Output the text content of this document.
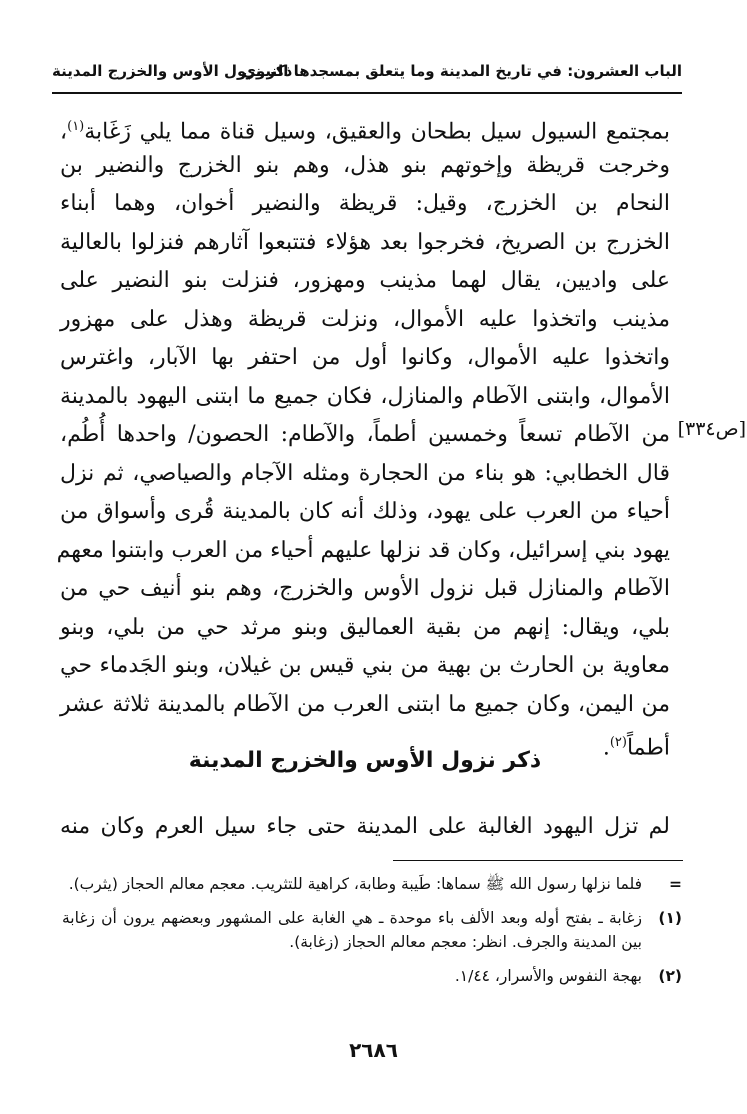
الباب العشرون: في تاريخ المدينة وما يتعلق بمسجدها النبوي
ذكر نزول الأوس والخزرج المدينة
بمجتمع السيول سيل بطحان والعقيق، وسيل قناة مما يلي زَغَابة$^{(١)}$،
وخرجت قريظة وإخوتهم بنو هذل، وهم بنو الخزرج والنضير بن
النحام بن الخزرج، وقيل: قريظة والنضير أخوان، وهما أبناء
الخزرج بن الصريخ، فخرجوا بعد هؤلاء فتتبعوا آثارهم فنزلوا بالعالية
على واديين، يقال لهما مذينب ومهزور، فنزلت بنو النضير على
مذينب واتخذوا عليه الأموال، ونزلت قريظة وهذل على مهزور
واتخذوا عليه الأموال، وكانوا أول من احتفر بها الآبار، واغترس
الأموال، وابتنى الآطام والمنازل، فكان جميع ما ابتنى اليهود بالمدينة
من الآطام تسعاً وخمسين أطماً، والآطام: الحصون/ واحدها أُطُم،
قال الخطابي: هو بناء من الحجارة ومثله الآجام والصياصي، ثم نزل
أحياء من العرب على يهود، وذلك أنه كان بالمدينة قُرى وأسواق من
يهود بني إسرائيل، وكان قد نزلها عليهم أحياء من العرب وابتنوا معهم
الآطام والمنازل قبل نزول الأوس والخزرج، وهم بنو أنيف حي من
بلي، ويقال: إنهم من بقية العماليق وبنو مرثد حي من بلي، وبنو
معاوية بن الحارث بن بهية من بني قيس بن غيلان، وبنو الجَدماء حي
من اليمن، وكان جميع ما ابتنى العرب من الآطام بالمدينة ثلاثة عشر
أطماً$^{(٢)}$.
[ص٣٣٤]
ذكر نزول الأوس والخزرج المدينة
لم تزل اليهود الغالبة على المدينة حتى جاء سيل العرم وكان منه
=
فلما نزلها رسول الله ﷺ سماها: طَيبة وطابة، كراهية للتثريب. معجم معالم الحجاز (يثرب).
(١)
زغابة ـ بفتح أوله وبعد الألف باء موحدة ـ هي الغابة على المشهور وبعضهم يرون أن زغابة بين المدينة والجرف. انظر: معجم معالم الحجاز (زغابة).
(٢)
بهجة النفوس والأسرار، ١/٤٤.
٢٦٨٦
